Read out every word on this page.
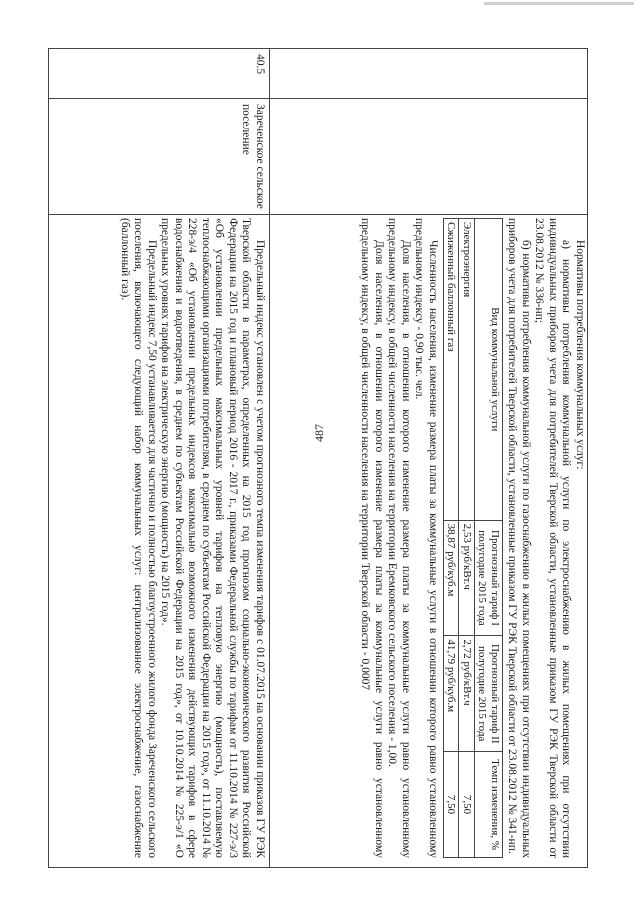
487	Нормативы потребления коммунальных услуг:

а) нормативы потребления коммунальной услуги по электроснабжению в жилых помещениях при отсутствии индивидуальных приборов учета для потребителей Тверской области, установленные приказом ГУ РЭК Тверской области от 23.08.2012 № 336-нп;

б) нормативы потребления коммунальной услуги по газоснабжению в жилых помещениях при отсутствии индивидуальных приборов учета для потребителей Тверской области, установленные приказом ГУ РЭК Тверской области от 23.08.2012 № 341-нп.

Вид коммунальной услуги	Прогнозный тариф I полугодие 2015 года	Прогнозный тариф II полугодие 2015 года	Темп изменения, %
Электроэнергия	2,53 руб/кВт.ч	2,72 руб/кВт.ч	7,50
Сжиженный баллонный газ	38,87 руб/куб.м	41,79 руб/куб.м	7,50

Численность населения, изменение размера платы за коммунальные услуги в отношении которого равно установленному предельному индексу - 0,90 тыс. чел.

Доля населения, в отношении которого изменение размера платы за коммунальные услуги равно установленному предельному индексу, в общей численности населения на территории Еремковского сельского поселения - 1,00.

Доля населения, в отношении которого изменение размера платы за коммунальные услуги равно установленному предельному индексу, в общей численности населения на территории Тверской области - 0,0007

40.5
Зареченское сельское поселение

Предельный индекс установлен с учетом прогнозного темпа изменения тарифов с 01.07.2015 на основании приказов ГУ РЭК Тверской области в параметрах, определенных на 2015 год прогнозом социально-экономического развития Российской Федерации на 2015 год и плановый период 2016 - 2017 г., приказами Федеральной службы по тарифам от 11.10.2014 № 227-э/3 «Об установлении предельных максимальных уровней тарифов на тепловую энергию (мощность), поставляемую теплоснабжающими организациями потребителям, в среднем по субъектам Российской Федерации на 2015 год», от 11.10.2014 № 228-э/4 «Об установлении предельных индексов максимально возможного изменения действующих тарифов в сфере водоснабжения и водоотведения, в среднем по субъектам Российской Федерации на 2015 год», от 10.10.2014 № 225-э/1 «О предельных уровнях тарифов на электрическую энергию (мощность) на 2015 год».

Предельный индекс 7,50 устанавливается для частично и полностью благоустроенного жилого фонда Зареченского сельского поселения, включающего следующий набор коммунальных услуг: централизованное электроснабжение, газоснабжение (баллонный газ).
